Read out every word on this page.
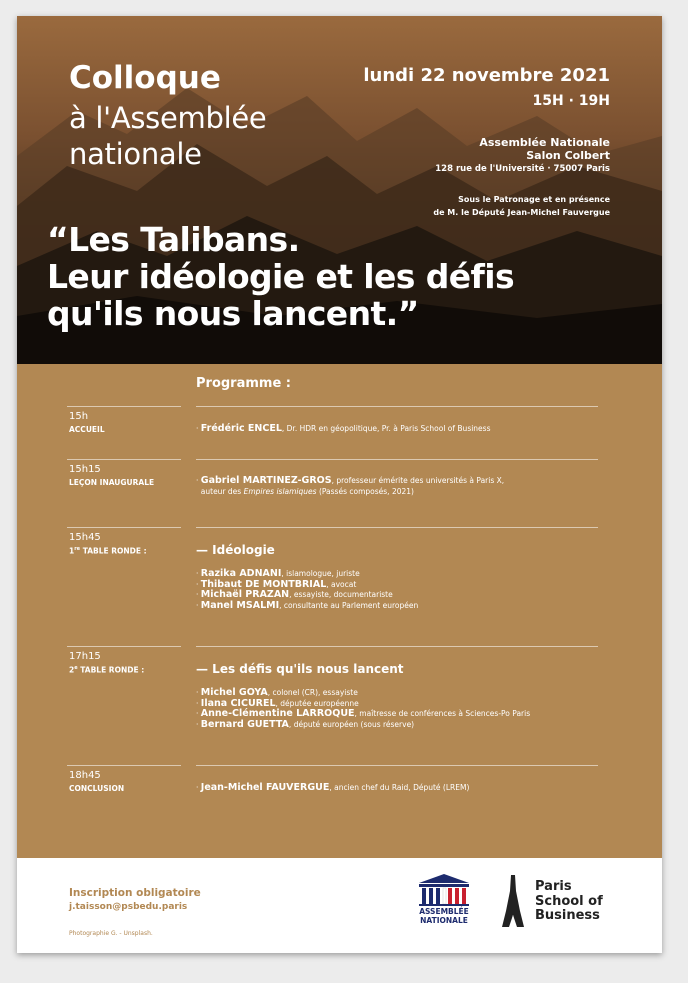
Colloque
à l'Assemblée nationale
lundi 22 novembre 2021
15H · 19H
Assemblée Nationale
Salon Colbert
128 rue de l'Université · 75007 Paris
Sous le Patronage et en présence
de M. le Député Jean-Michel Fauvergue
“Les Talibans.
Leur idéologie et les défis
qu'ils nous lancent.”
Programme :
15h
ACCUEIL	· Frédéric ENCEL, Dr. HDR en géopolitique, Pr. à Paris School of Business
15h15
LEÇON INAUGURALE	· Gabriel MARTINEZ-GROS, professeur émérite des universités à Paris X,
auteur des Empires islamiques (Passés composés, 2021)
15h45
1re TABLE RONDE :	— Idéologie
· Razika ADNANI, islamologue, juriste
· Thibaut DE MONTBRIAL, avocat
· Michaël PRAZAN, essayiste, documentariste
· Manel MSALMI, consultante au Parlement européen
17h15
2e TABLE RONDE :	— Les défis qu'ils nous lancent
· Michel GOYA, colonel (CR), essayiste
· Ilana CICUREL, députée européenne
· Anne-Clémentine LARROQUE, maîtresse de conférences à Sciences-Po Paris
· Bernard GUETTA, député européen (sous réserve)
18h45
CONCLUSION	· Jean-Michel FAUVERGUE, ancien chef du Raid, Député (LREM)
Inscription obligatoire
j.taisson@psbedu.paris
Photographie G. - Unsplash.
ASSEMBLÉE
NATIONALE
Paris
School of
Business
